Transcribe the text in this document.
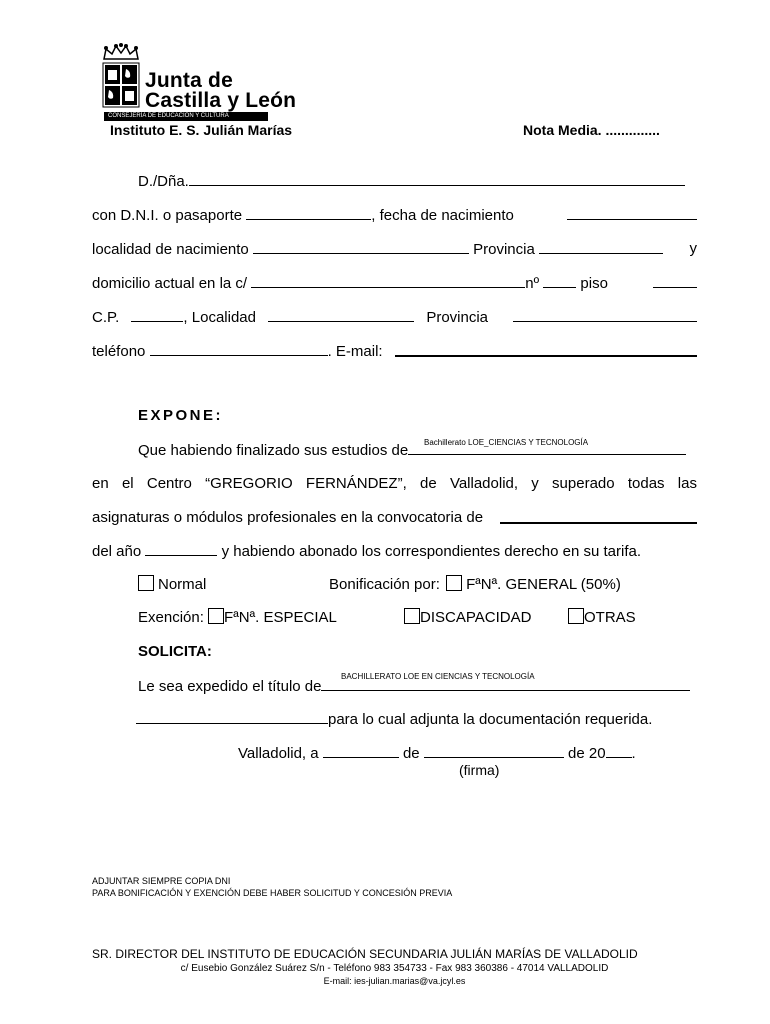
Junta de
Castilla y León
CONSEJERÍA DE EDUCACIÓN Y CULTURA
Instituto E. S. Julián Marías	Nota Media. ..............
D./Dña.
con D.N.I. o pasaporte	, fecha de nacimiento
localidad de nacimiento	Provincia	y
domicilio actual en la c/	nº	piso
C.P.	, Localidad	Provincia
teléfono	. E-mail:
EXPONE:
Bachillerato LOE_CIENCIAS Y TECNOLOGÍA
Que habiendo finalizado sus estudios de
en el Centro “GREGORIO FERNÁNDEZ”, de Valladolid, y superado todas las
asignaturas o módulos profesionales en la convocatoria de
del año	y habiendo abonado los correspondientes derecho en su tarifa.
Normal	Bonificación por: FªNª. GENERAL (50%)
Exención: FªNª. ESPECIAL	DISCAPACIDAD	OTRAS
SOLICITA:
BACHILLERATO LOE EN CIENCIAS Y TECNOLOGÍA
Le sea expedido el título de
para lo cual adjunta la documentación requerida.
Valladolid, a	de	de 20 .
(firma)
ADJUNTAR SIEMPRE COPIA DNI
PARA BONIFICACIÓN Y EXENCIÓN DEBE HABER SOLICITUD Y CONCESIÓN PREVIA
SR. DIRECTOR DEL INSTITUTO DE EDUCACIÓN SECUNDARIA JULIÁN MARÍAS DE VALLADOLID
c/ Eusebio González Suárez S/n - Teléfono 983 354733 - Fax 983 360386 - 47014 VALLADOLID
E-mail: ies-julian.marias@va.jcyl.es
